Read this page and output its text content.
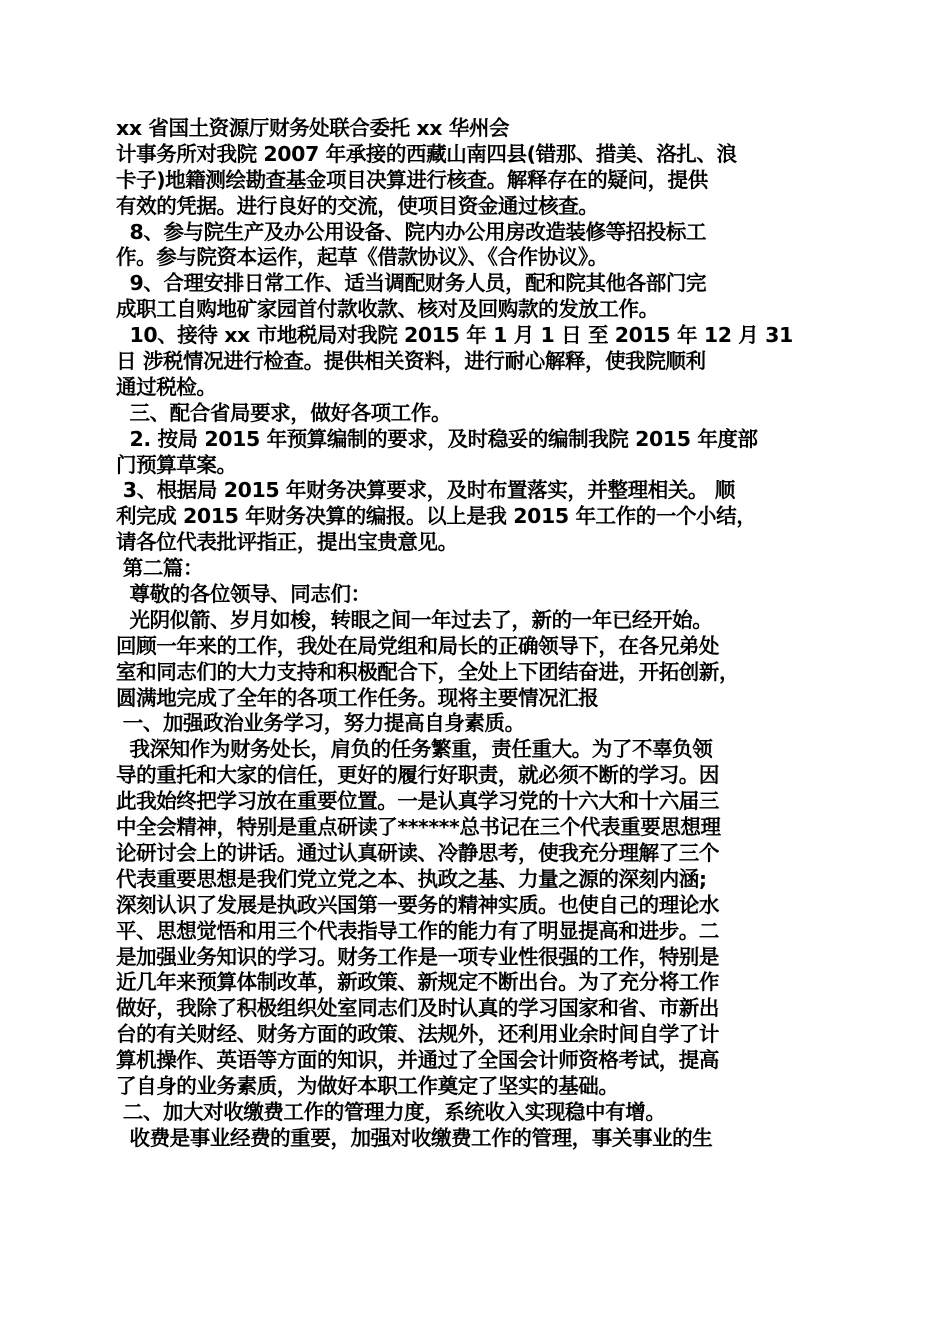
xx 省国土资源厅财务处联合委托 xx 华州会
计事务所对我院 2007 年承接的西藏山南四县(错那、措美、洛扎、浪
卡子)地籍测绘勘查基金项目决算进行核查。解释存在的疑问，提供
有效的凭据。进行良好的交流，使项目资金通过核查。
8、参与院生产及办公用设备、院内办公用房改造装修等招投标工
作。参与院资本运作，起草《借款协议》、《合作协议》。
9、合理安排日常工作、适当调配财务人员，配和院其他各部门完
成职工自购地矿家园首付款收款、核对及回购款的发放工作。
10、接待 xx 市地税局对我院 2015 年 1 月 1 日 至 2015 年 12 月 31
日 涉税情况进行检查。提供相关资料，进行耐心解释，使我院顺利
通过税检。
三、配合省局要求，做好各项工作。
2. 按局 2015 年预算编制的要求，及时稳妥的编制我院 2015 年度部
门预算草案。
3、根据局 2015 年财务决算要求，及时布置落实，并整理相关。 顺
利完成 2015 年财务决算的编报。以上是我 2015 年工作的一个小结，
请各位代表批评指正，提出宝贵意见。
第二篇：
尊敬的各位领导、同志们：
光阴似箭、岁月如梭，转眼之间一年过去了，新的一年已经开始。
回顾一年来的工作，我处在局党组和局长的正确领导下，在各兄弟处
室和同志们的大力支持和积极配合下，全处上下团结奋进，开拓创新，
圆满地完成了全年的各项工作任务。现将主要情况汇报
一、加强政治业务学习，努力提高自身素质。
我深知作为财务处长，肩负的任务繁重，责任重大。为了不辜负领
导的重托和大家的信任，更好的履行好职责，就必须不断的学习。因
此我始终把学习放在重要位置。一是认真学习党的十六大和十六届三
中全会精神，特别是重点研读了******总书记在三个代表重要思想理
论研讨会上的讲话。通过认真研读、冷静思考，使我充分理解了三个
代表重要思想是我们党立党之本、执政之基、力量之源的深刻内涵;
深刻认识了发展是执政兴国第一要务的精神实质。也使自己的理论水
平、思想觉悟和用三个代表指导工作的能力有了明显提高和进步。二
是加强业务知识的学习。财务工作是一项专业性很强的工作，特别是
近几年来预算体制改革，新政策、新规定不断出台。为了充分将工作
做好，我除了积极组织处室同志们及时认真的学习国家和省、市新出
台的有关财经、财务方面的政策、法规外，还利用业余时间自学了计
算机操作、英语等方面的知识，并通过了全国会计师资格考试，提高
了自身的业务素质，为做好本职工作奠定了坚实的基础。
二、加大对收缴费工作的管理力度，系统收入实现稳中有增。
收费是事业经费的重要，加强对收缴费工作的管理，事关事业的生
